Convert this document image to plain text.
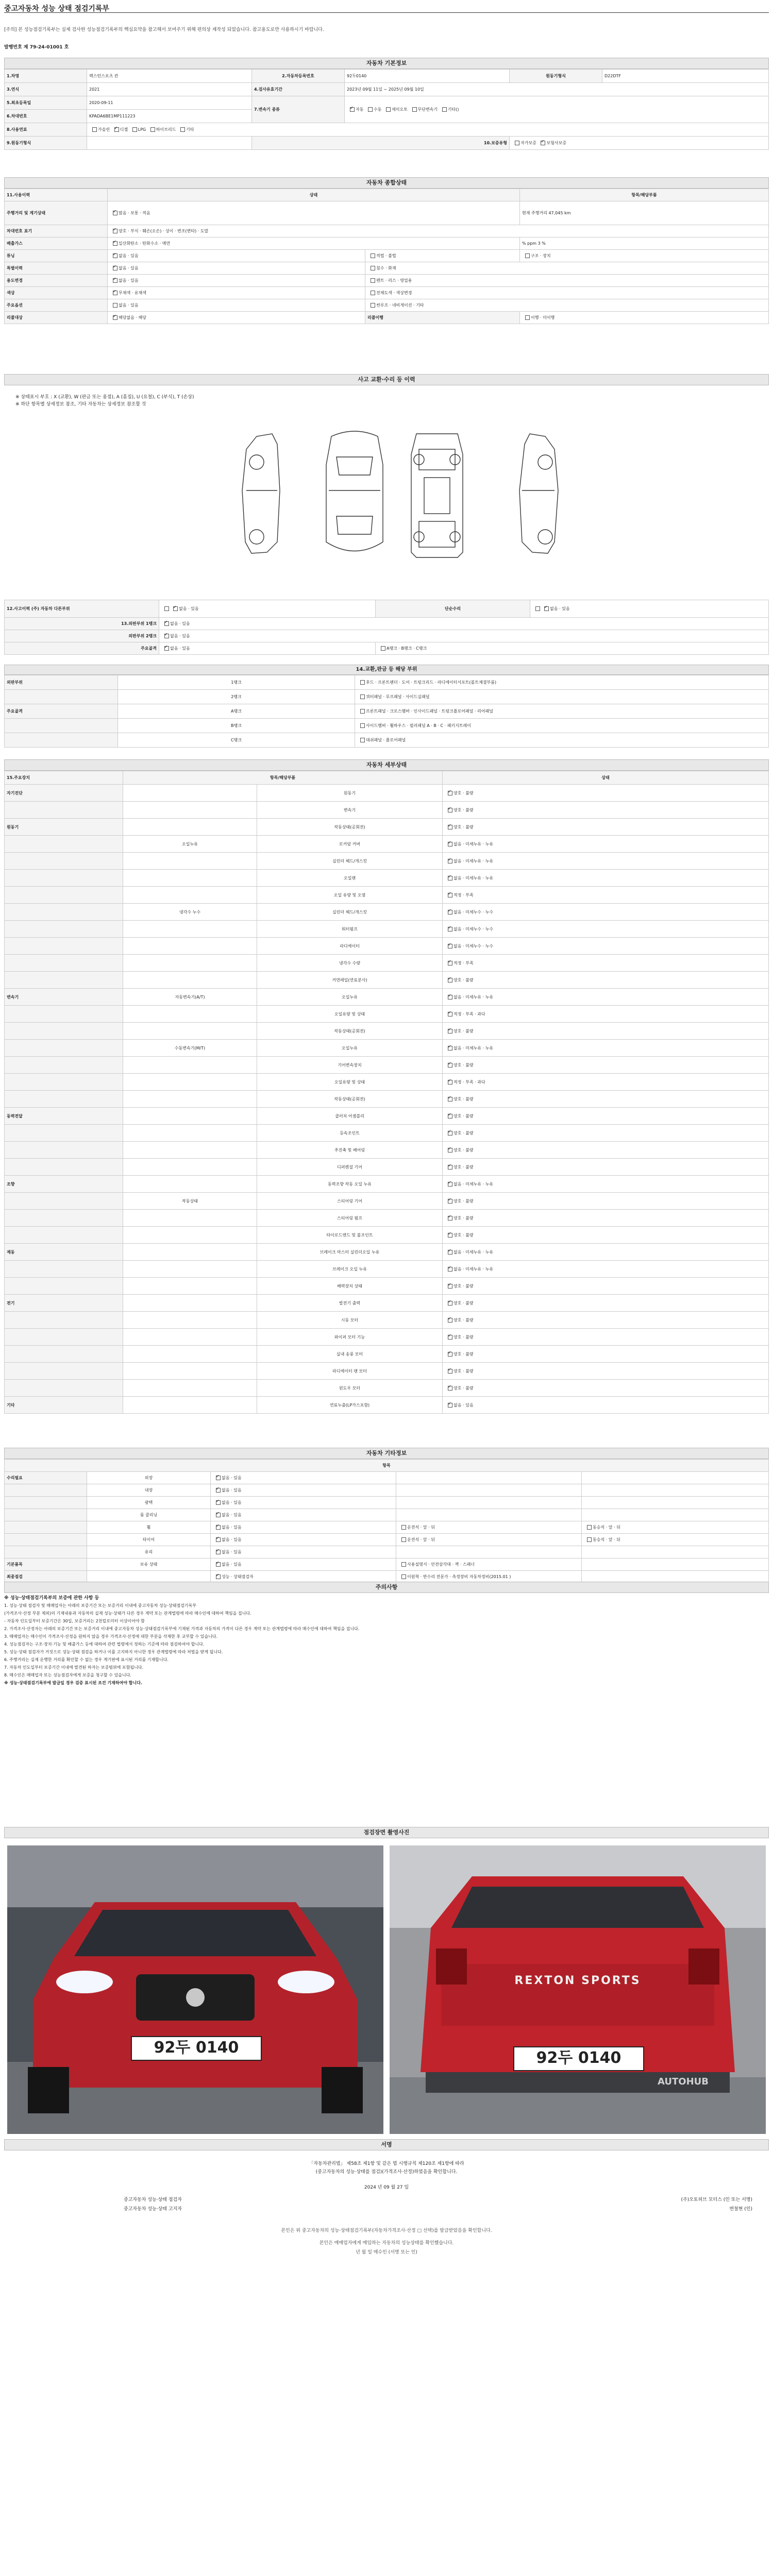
중고자동차 성능 상태 점검기록부
[주의] 본 성능점검기록부는 실제 검사한 성능점검기록부의 핵심요약을 참고해서 보여주기 위해 편의상 재작성 되었습니다. 참고용도로만 사용하시기 바랍니다.
발행번호 제 79-24-01001 호
자동차 기본정보
1.차명	렉스턴스포츠 칸	2.자동차등록번호	92두0140	원동기형식	D22DTF
3.연식	2021	4.검사유효기간	2023년 09월 11일 ~ 2025년 09월 10일		
5.최초등록일	2020-09-11	7.변속기 종류	✓자동 수동 세미오토 무단변속기 기타()
6.차대번호	KPADA6BE1MP111223				
8.사용연료	가솔린 ✓ 디젤 LPG 하이브리드 기타
9.원동기형식		10.보증유형		자가보증 ✓ 보험사보증
자동차 종합상태
11.사용이력	상태		항목/해당부품
주행거리 및 계기상태	✓많음 · 보통 · 적음		현재 주행거리 47,045 km
차대번호 표기	✓양호 · 부식 · 훼손(오손) · 상이 · 변조(변타) · 도말
배출가스	✓일산화탄소 · 탄화수소 · 매연		% ppm 3 %
튜닝	✓없음 · 있음	적법 · 불법	구조 · 장치
특별이력	✓없음 · 있음	침수 · 화재	
용도변경	✓없음 · 있음	렌트 · 리스 · 영업용	
색상	✓무채색 · 유채색	전체도색 · 색상변경	
주요옵션	없음 · 있음	썬루프 · 네비게이션 · 기타	
리콜대상	✓해당없음 · 해당	리콜이행	이행 · 미이행
사고 교환·수리 등 이력
※ 상태표시 부호 : X (교환), W (판금 또는 용접), A (흠집), U (요철), C (부식), T (손상)
※ 하단 항목별 상세정보 참조, 기타 자동차는 상세정보 참조할 것
12.사고이력 (주) 자동차 다른부위	✓없음 · 있음	단순수리	✓없음 · 있음
13.외판부위 1랭크	✓없음 · 있음
외판부위 2랭크	✓없음 · 있음
주요골격	✓없음 · 있음	A랭크 · B랭크 · C랭크	
14.교환,판금 등 해당 부위
외판부위	1랭크	후드 · 프론트펜더 · 도어 · 트렁크리드 · 라디에이터서포트(볼트체결부품)
	2랭크	쿼터패널 · 루프패널 · 사이드실패널
주요골격	A랭크	프론트패널 · 크로스멤버 · 인사이드패널 · 트렁크플로어패널 · 리어패널
	B랭크	사이드멤버 · 휠하우스 · 필러패널 A · B · C · 패키지트레이
	C랭크	대쉬패널 · 플로어패널
자동차 세부상태
15.주요장치	항목/해당부품		상태
자기진단		원동기	✓양호 · 불량
		변속기	✓양호 · 불량
원동기		작동상태(공회전)	✓양호 · 불량
	오일누유	로커암 커버	✓없음 · 미세누유 · 누유
		실린더 헤드/개스킷	✓없음 · 미세누유 · 누유
		오일팬	✓없음 · 미세누유 · 누유
		오일 유량 및 오염	✓적정 · 부족
	냉각수 누수	실린더 헤드/개스킷	✓없음 · 미세누수 · 누수
		워터펌프	✓없음 · 미세누수 · 누수
		라디에이터	✓없음 · 미세누수 · 누수
		냉각수 수량	✓적정 · 부족
		커먼레일(연료분사)	✓양호 · 불량
변속기	자동변속기(A/T)	오일누유	✓없음 · 미세누유 · 누유
		오일유량 및 상태	✓적정 · 부족 · 과다
		작동상태(공회전)	✓양호 · 불량
	수동변속기(M/T)	오일누유	✓없음 · 미세누유 · 누유
		기어변속장치	✓양호 · 불량
		오일유량 및 상태	✓적정 · 부족 · 과다
		작동상태(공회전)	✓양호 · 불량
동력전달		클러치 어셈블리	✓양호 · 불량
		등속조인트	✓양호 · 불량
		추진축 및 베어링	✓양호 · 불량
		디퍼렌셜 기어	✓양호 · 불량
조향		동력조향 작동 오일 누유	✓없음 · 미세누유 · 누유
	작동상태	스티어링 기어	✓양호 · 불량
		스티어링 펌프	✓양호 · 불량
		타이로드엔드 및 볼조인트	✓양호 · 불량
제동		브레이크 마스터 실린더오일 누유	✓없음 · 미세누유 · 누유
		브레이크 오일 누유	✓없음 · 미세누유 · 누유
		배력장치 상태	✓양호 · 불량
전기		발전기 출력	✓양호 · 불량
		시동 모터	✓양호 · 불량
		와이퍼 모터 기능	✓양호 · 불량
		실내 송풍 모터	✓양호 · 불량
		라디에이터 팬 모터	✓양호 · 불량
		윈도우 모터	✓양호 · 불량
기타		연료누출(LP가스포함)	✓없음 · 있음
자동차 기타정보
항목				
수리필요	외장	✓없음 · 있음		
	내장	✓없음 · 있음		
	광택	✓없음 · 있음		
	룸 클리닝	✓없음 · 있음		
	휠	✓없음 · 있음	운전석 · 앞 · 뒤	동승석 · 앞 · 뒤
	타이어	✓없음 · 있음	운전석 · 앞 · 뒤	동승석 · 앞 · 뒤
	유리	✓없음 · 있음		
기본품목	보유 상태	✓없음 · 있음	사용설명서 · 안전삼각대 · 잭 · 스패너	
최종점검		✓성능 · 상태점검자	이원혁 · 반수리 전문가 · 측정장비 자동차정비(2015.01 )	
주의사항

※ 성능·상태점검기록부의 보증에 관한 사항 등

1. 성능·상태 점검자 및 매매업자는 아래의 보증기간 또는 보증거리 이내에 중고자동차 성능·상태점검기록부

(가격조사·산정 부분 제외)의 기재내용과 자동차의 실제 성능·상태가 다른 경우 계약 또는 관계법령에 따라 매수인에 대하여 책임을 집니다.

- 자동차 인도일부터 보증기간은 30일, 보증거리는 2천킬로미터 이상이어야 함

2. 가격조사·산정자는 아래의 보증기간 또는 보증거리 이내에 중고자동차 성능·상태점검기록부에 기재된 가격과 자동차의 가격이 다른 경우 계약 또는 관계법령에 따라 매수인에 대하여 책임을 집니다.

3. 매매업자는 매수인이 가격조사·산정을 원하지 않을 경우 가격조사·산정에 대한 부분을 삭제한 후 교부할 수 있습니다.

4. 성능점검자는 구조·장치·기능 및 배출가스 등에 대하여 관련 법령에서 정하는 기준에 따라 점검하여야 합니다.

5. 성능·상태 점검자가 거짓으로 성능·상태 점검을 하거나 이를 고지하지 아니한 경우 관계법령에 따라 처벌을 받게 됩니다.

6. 주행거리는 실제 운행한 거리를 확인할 수 없는 경우 계기판에 표시된 거리를 기재합니다.

7. 자동차 인도일부터 보증기간 이내에 발견된 하자는 보증범위에 포함됩니다.

8. 매수인은 매매업자 또는 성능점검자에게 보증을 청구할 수 있습니다.

※ 성능·상태점검기록부에 발급일 경우 검증 표시된 조건 기재하여야 합니다.

점검장면 촬영사진
92두 0140
REXTON SPORTS
92두 0140
AUTOHUB
서명
「자동차관리법」 제58조 제1항 및 같은 법 시행규칙 제120조 제1항에 따라
(중고자동차의 성능·상태를 점검)(가격조사·산정)하였음을 확인합니다.
2024 년 09 월 27 일
중고자동차 성능·상태 점검자
중고자동차 성능·상태 고지자
(주)오토허브 모터스 (인 또는 서명)
변철현 (인)
본인은 위 중고자동차의 성능·상태점검기록부(자동차가격조사·산정 □ 선택)를 발급받았음을 확인합니다.
본인은 매매업자에게 매입하는 자동차의 성능상태를 확인했습니다.
년 월 일 매수인 (서명 또는 인)
